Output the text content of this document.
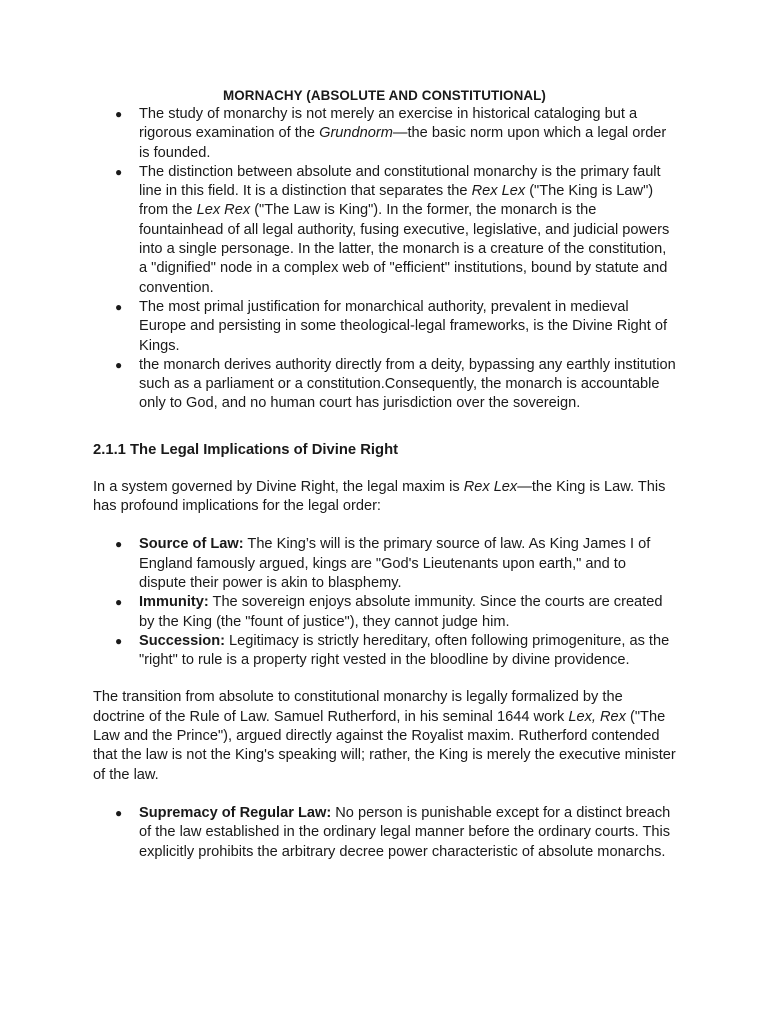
MORNACHY (ABSOLUTE AND CONSTITUTIONAL)
● The study of monarchy is not merely an exercise in historical cataloging but a rigorous examination of the Grundnorm—the basic norm upon which a legal order is founded.
● The distinction between absolute and constitutional monarchy is the primary fault line in this field. It is a distinction that separates the Rex Lex ("The King is Law") from the Lex Rex ("The Law is King"). In the former, the monarch is the fountainhead of all legal authority, fusing executive, legislative, and judicial powers into a single personage. In the latter, the monarch is a creature of the constitution, a "dignified" node in a complex web of "efficient" institutions, bound by statute and convention.
● The most primal justification for monarchical authority, prevalent in medieval Europe and persisting in some theological-legal frameworks, is the Divine Right of Kings.
● the monarch derives authority directly from a deity, bypassing any earthly institution such as a parliament or a constitution.Consequently, the monarch is accountable only to God, and no human court has jurisdiction over the sovereign.
2.1.1 The Legal Implications of Divine Right

In a system governed by Divine Right, the legal maxim is Rex Lex—the King is Law. This has profound implications for the legal order:

● Source of Law: The King’s will is the primary source of law. As King James I of England famously argued, kings are "God's Lieutenants upon earth," and to dispute their power is akin to blasphemy.
● Immunity: The sovereign enjoys absolute immunity. Since the courts are created by the King (the "fount of justice"), they cannot judge him.
● Succession: Legitimacy is strictly hereditary, often following primogeniture, as the "right" to rule is a property right vested in the bloodline by divine providence.

The transition from absolute to constitutional monarchy is legally formalized by the doctrine of the Rule of Law. Samuel Rutherford, in his seminal 1644 work Lex, Rex ("The Law and the Prince"), argued directly against the Royalist maxim. Rutherford contended that the law is not the King's speaking will; rather, the King is merely the executive minister of the law.

● Supremacy of Regular Law: No person is punishable except for a distinct breach of the law established in the ordinary legal manner before the ordinary courts. This explicitly prohibits the arbitrary decree power characteristic of absolute monarchs.
